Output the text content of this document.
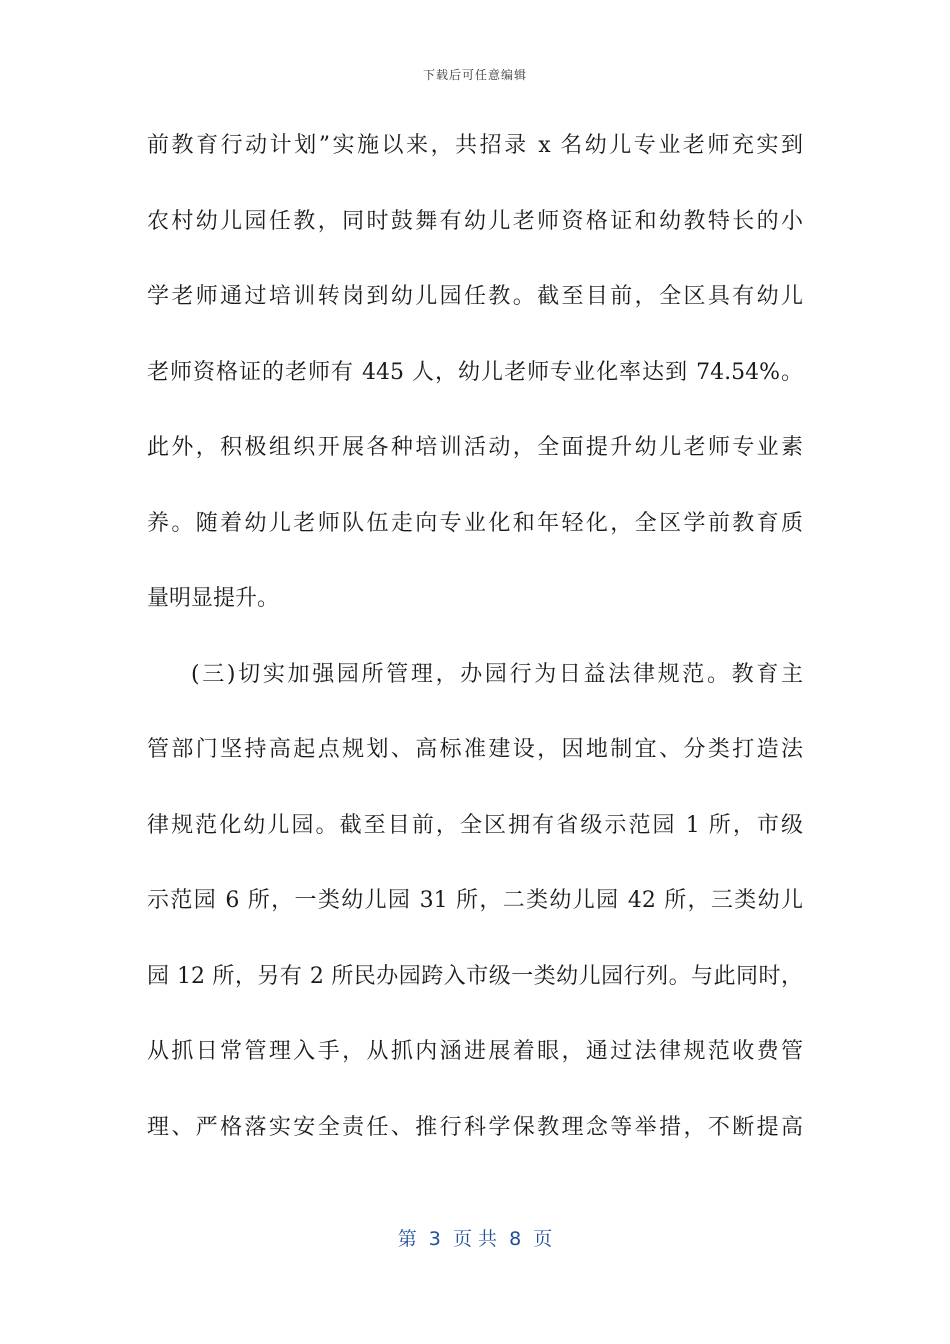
下载后可任意编辑
前教育行动计划”实施以来，共招录 x 名幼儿专业老师充实到
农村幼儿园任教，同时鼓舞有幼儿老师资格证和幼教特长的小
学老师通过培训转岗到幼儿园任教。截至目前，全区具有幼儿
老师资格证的老师有 445 人，幼儿老师专业化率达到 74.54%。
此外，积极组织开展各种培训活动，全面提升幼儿老师专业素
养。随着幼儿老师队伍走向专业化和年轻化，全区学前教育质
量明显提升。
(三)切实加强园所管理，办园行为日益法律规范。教育主
管部门坚持高起点规划、高标准建设，因地制宜、分类打造法
律规范化幼儿园。截至目前，全区拥有省级示范园 1 所，市级
示范园 6 所，一类幼儿园 31 所，二类幼儿园 42 所，三类幼儿
园 12 所，另有 2 所民办园跨入市级一类幼儿园行列。与此同时，
从抓日常管理入手，从抓内涵进展着眼，通过法律规范收费管
理、严格落实安全责任、推行科学保教理念等举措，不断提高
第  3  页 共  8  页
